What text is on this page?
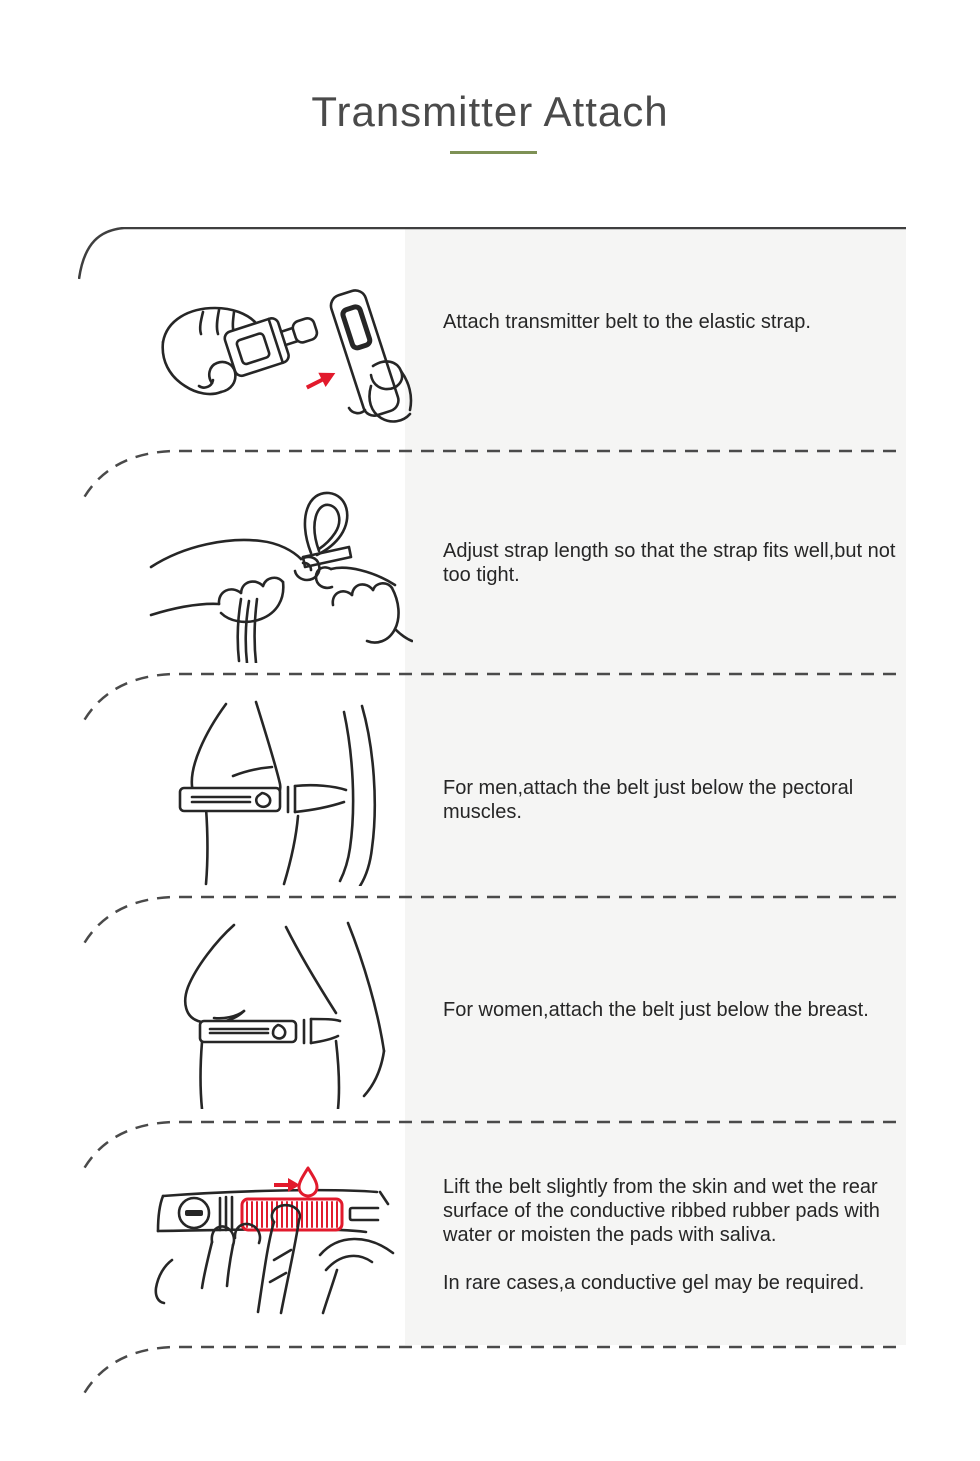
Transmitter Attach

Attach transmitter belt to the elastic strap.

Adjust strap length so that the strap fits well,but not too tight.

For men,attach the belt just below the pectoral muscles.

For women,attach the belt just below the breast.

Lift the belt slightly from the skin and wet the rear surface of the conductive ribbed rubber pads with water or moisten the pads with saliva.

In rare cases,a conductive gel may be required.
